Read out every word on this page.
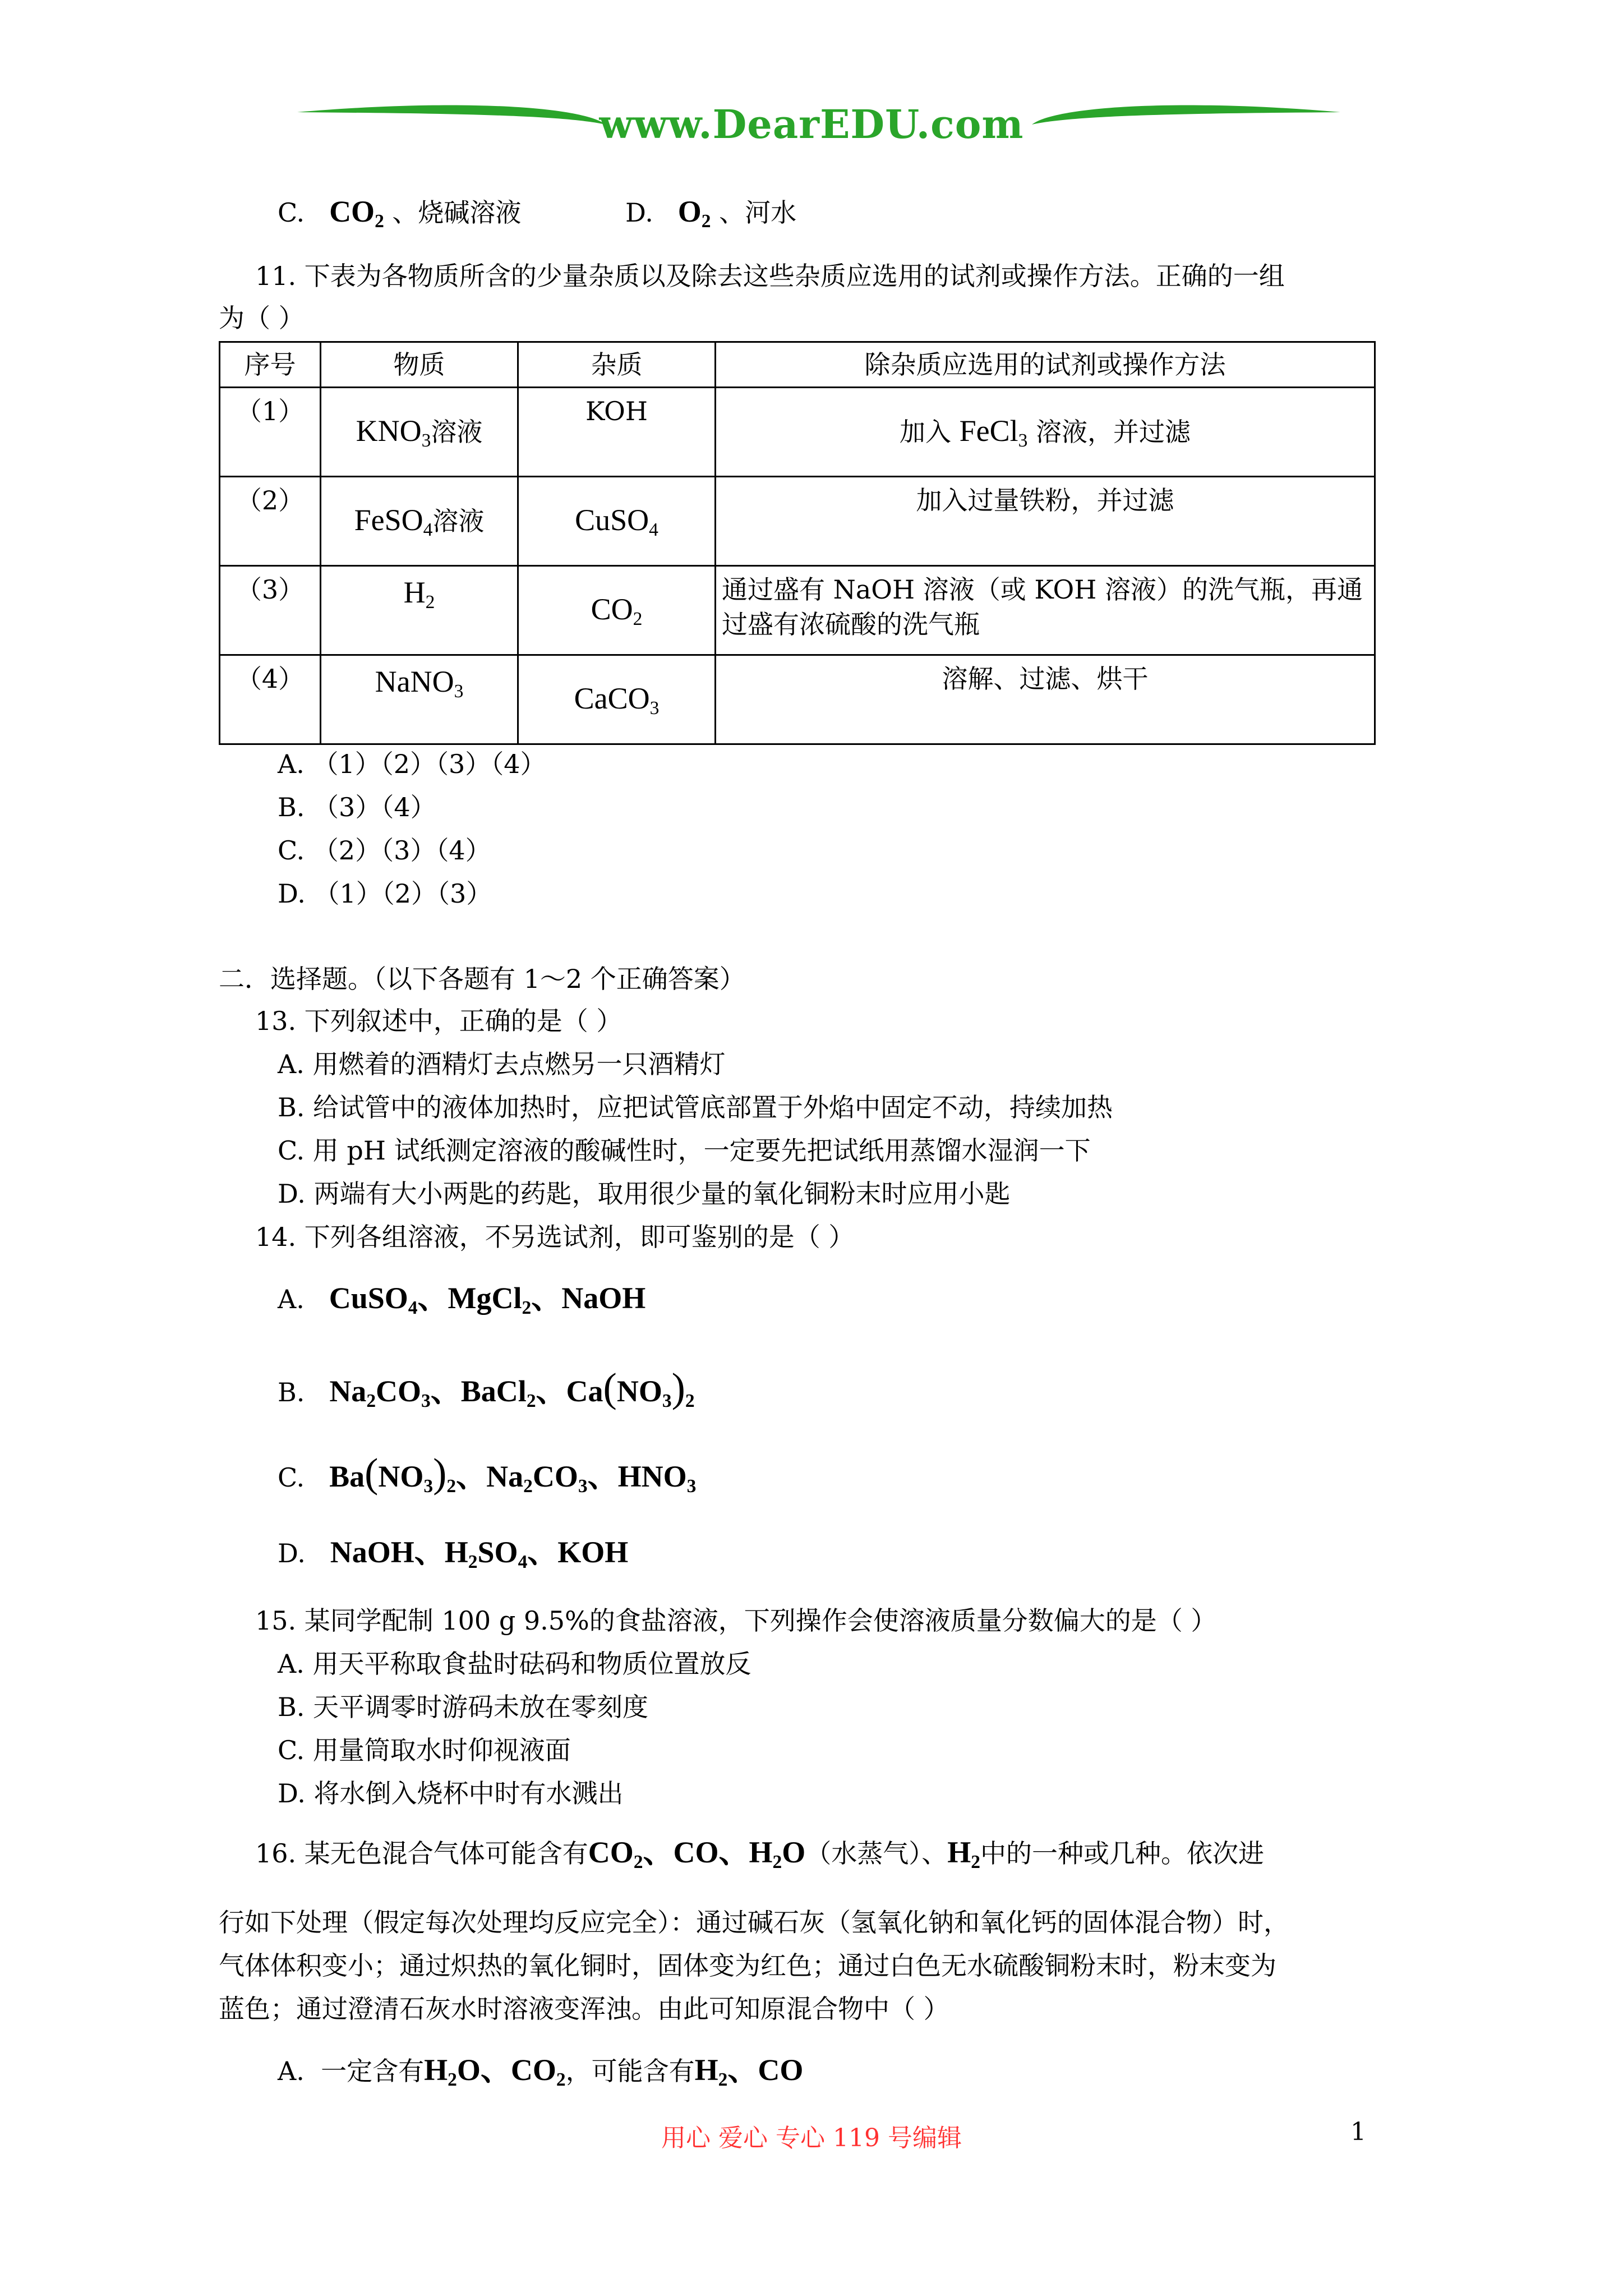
www.DearEDU.com
C. $CO_2$ 、烧碱溶液	D. $O_2$ 、河水
11. 下表为各物质所含的少量杂质以及除去这些杂质应选用的试剂或操作方法。正确的一组
为（ ）
序号	物质	杂质	除杂质应选用的试剂或操作方法
（1）	$KNO_3$溶液	KOH	加入 FeCl$_3$ 溶液，并过滤
（2）	FeSO$_4$溶液	CuSO$_4$	加入过量铁粉，并过滤
（3）	$H_2$	$CO_2$	通过盛有 NaOH 溶液（或 KOH 溶液）的洗气瓶，再通过盛有浓硫酸的洗气瓶
（4）	NaNO$_3$	CaCO$_3$	溶解、过滤、烘干
A. （1）（2）（3）（4）
B. （3）（4）
C. （2）（3）（4）
D. （1）（2）（3）
二．选择题。（以下各题有 1～2 个正确答案）
13. 下列叙述中，正确的是（ ）
A. 用燃着的酒精灯去点燃另一只酒精灯
B. 给试管中的液体加热时，应把试管底部置于外焰中固定不动，持续加热
C. 用 pH 试纸测定溶液的酸碱性时，一定要先把试纸用蒸馏水湿润一下
D. 两端有大小两匙的药匙，取用很少量的氧化铜粉末时应用小匙
14. 下列各组溶液，不另选试剂，即可鉴别的是（ ）
A. CuSO$_4$、MgCl$_2$、NaOH
B. $Na_2CO_3$、BaCl$_2$、$Ca(NO_3)_2$
C. $Ba(NO_3)_2$、$Na_2CO_3$、$HNO_3$
D. NaOH、$H_2SO_4$、KOH
15. 某同学配制 100 g 9.5%的食盐溶液，下列操作会使溶液质量分数偏大的是（ ）
A. 用天平称取食盐时砝码和物质位置放反
B. 天平调零时游码未放在零刻度
C. 用量筒取水时仰视液面
D. 将水倒入烧杯中时有水溅出
16. 某无色混合气体可能含有$CO_2$、CO、$H_2O$（水蒸气）、$H_2$中的一种或几种。依次进
行如下处理（假定每次处理均反应完全）：通过碱石灰（氢氧化钠和氧化钙的固体混合物）时，
气体体积变小；通过炽热的氧化铜时，固体变为红色；通过白色无水硫酸铜粉末时，粉末变为
蓝色；通过澄清石灰水时溶液变浑浊。由此可知原混合物中（ ）
A. 一定含有$H_2O$、$CO_2$，可能含有$H_2$、CO
用心 爱心 专心 119 号编辑	1
